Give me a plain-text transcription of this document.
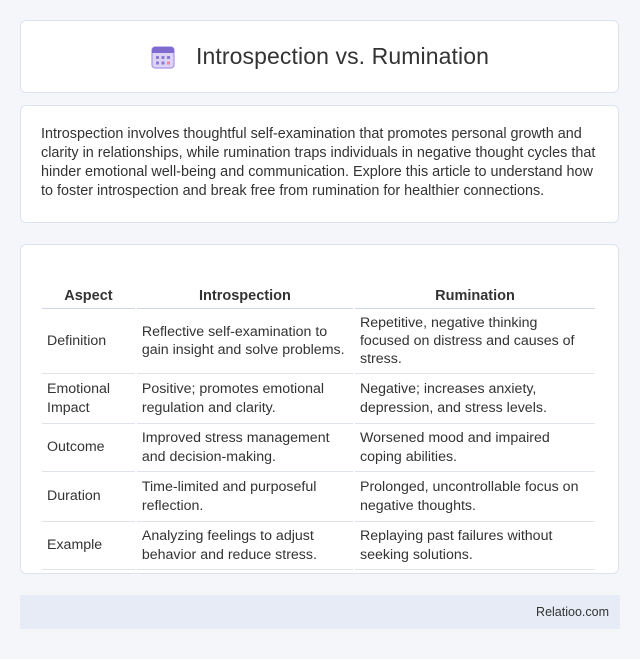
Introspection vs. Rumination

Introspection involves thoughtful self-examination that promotes personal growth and clarity in relationships, while rumination traps individuals in negative thought cycles that hinder emotional well-being and communication. Explore this article to understand how to foster introspection and break free from rumination for healthier connections.

Aspect	Introspection	Rumination
Definition	Reflective self-examination to gain insight and solve problems.	Repetitive, negative thinking focused on distress and causes of stress.
Emotional Impact	Positive; promotes emotional regulation and clarity.	Negative; increases anxiety, depression, and stress levels.
Outcome	Improved stress management and decision-making.	Worsened mood and impaired coping abilities.
Duration	Time-limited and purposeful reflection.	Prolonged, uncontrollable focus on negative thoughts.
Example	Analyzing feelings to adjust behavior and reduce stress.	Replaying past failures without seeking solutions.
Relatioo.com
